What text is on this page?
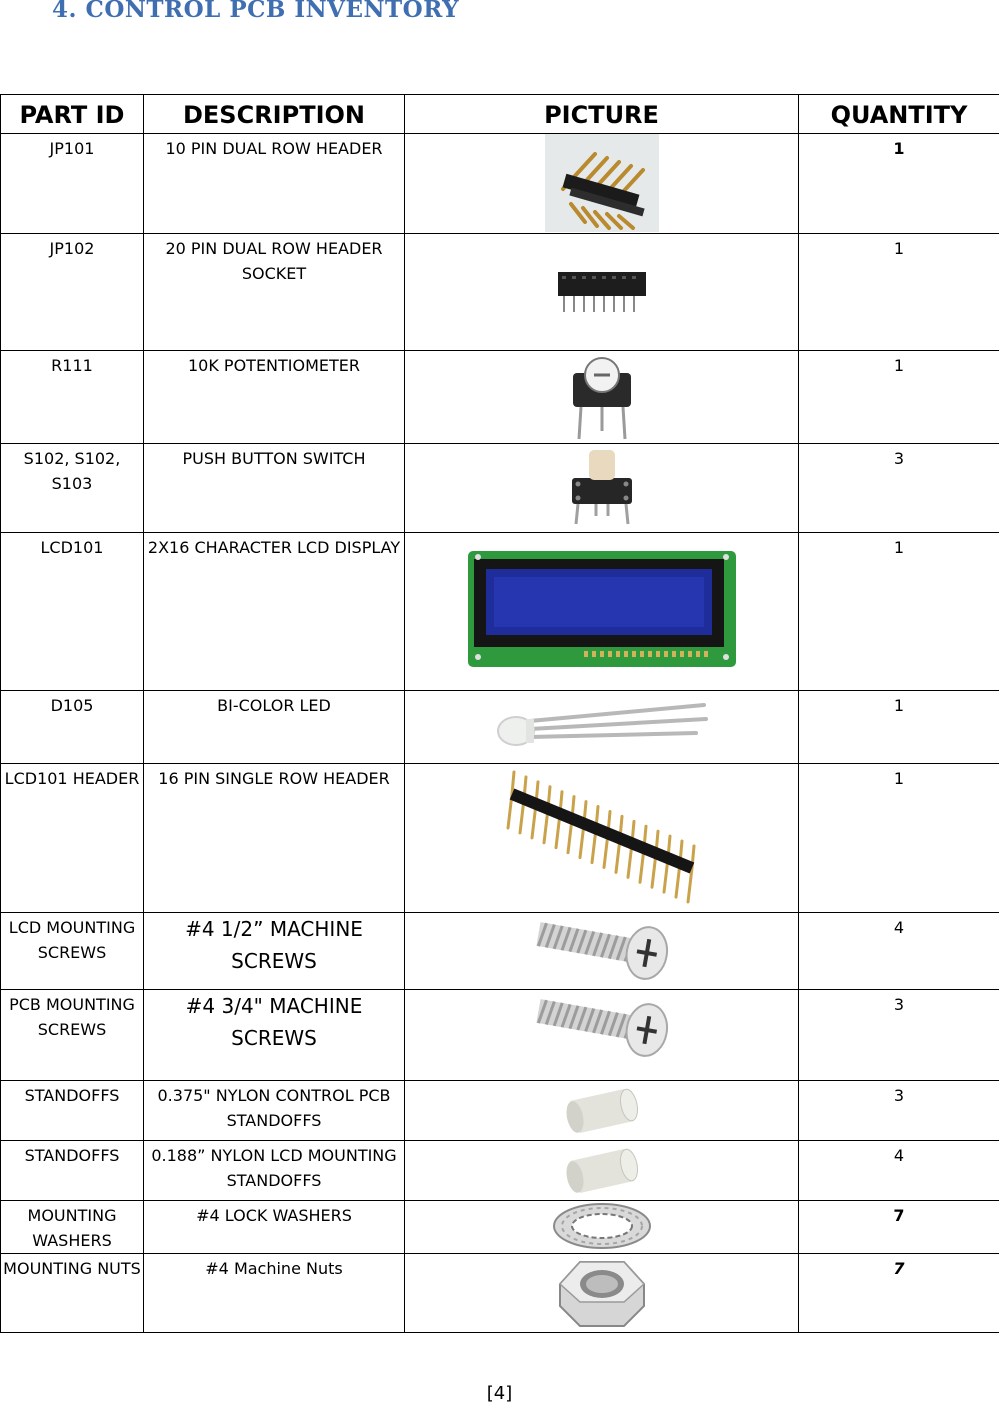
4. CONTROL PCB INVENTORY
PART ID	DESCRIPTION	PICTURE	QUANTITY
JP101	10 PIN DUAL ROW HEADER		1
JP102	20 PIN DUAL ROW HEADER SOCKET		1
R111	10K POTENTIOMETER		1
S102, S102, S103	PUSH BUTTON SWITCH		3
LCD101	2X16 CHARACTER LCD DISPLAY		1
D105	BI-COLOR LED		1
LCD101 HEADER	16 PIN SINGLE ROW HEADER		1
LCD MOUNTING SCREWS	#4 1/2” MACHINE SCREWS		4
PCB MOUNTING SCREWS	#4 3/4" MACHINE SCREWS		3
STANDOFFS	0.375" NYLON CONTROL PCB STANDOFFS		3
STANDOFFS	0.188” NYLON LCD MOUNTING STANDOFFS		4
MOUNTING WASHERS	#4 LOCK WASHERS		7
MOUNTING NUTS	#4 Machine Nuts		7
[4]
